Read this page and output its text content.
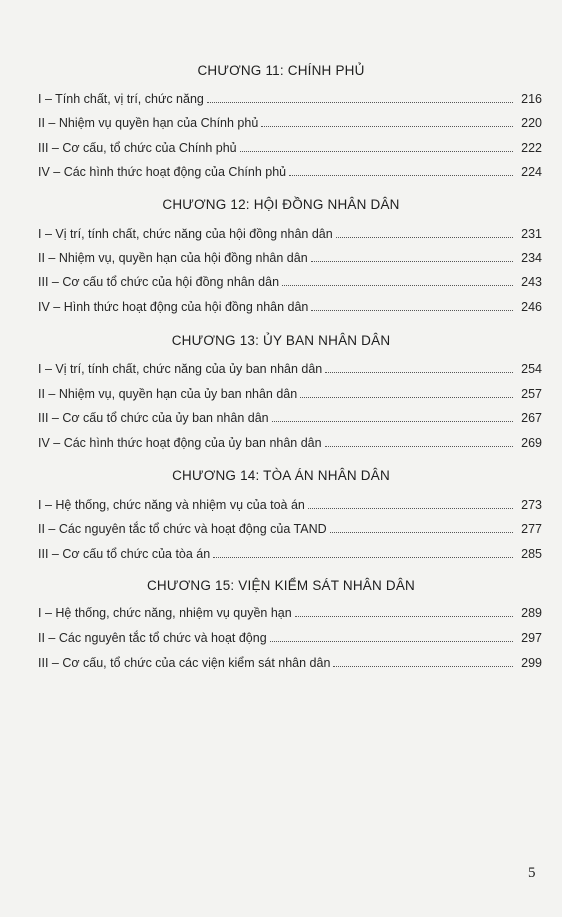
CHƯƠNG 11: CHÍNH PHỦ
I – Tính chất, vị trí, chức năng	216
II – Nhiệm vụ quyền hạn của Chính phủ	220
III – Cơ cấu, tổ chức của Chính phủ	222
IV – Các hình thức hoạt động của Chính phủ	224
CHƯƠNG 12: HỘI ĐỒNG NHÂN DÂN
I – Vị trí, tính chất, chức năng của hội đồng nhân dân	231
II – Nhiệm vụ, quyền hạn của hội đồng nhân dân	234
III – Cơ cấu tổ chức của hội đồng nhân dân	243
IV – Hình thức hoạt động của hội đồng nhân dân	246
CHƯƠNG 13: ỦY BAN NHÂN DÂN
I – Vị trí, tính chất, chức năng của ủy ban nhân dân	254
II – Nhiệm vụ, quyền hạn của ủy ban nhân dân	257
III – Cơ cấu tổ chức của ủy ban nhân dân	267
IV – Các hình thức hoạt động của ủy ban nhân dân	269
CHƯƠNG 14: TÒA ÁN NHÂN DÂN
I – Hệ thống, chức năng và nhiệm vụ của toà án	273
II – Các nguyên tắc tổ chức và hoạt động của TAND	277
III – Cơ cấu tổ chức của tòa án	285
CHƯƠNG 15: VIỆN KIỂM SÁT NHÂN DÂN
I – Hệ thống, chức năng, nhiệm vụ quyền hạn	289
II – Các nguyên tắc tổ chức và hoạt động	297
III – Cơ cấu, tổ chức của các viện kiểm sát nhân dân	299
5
